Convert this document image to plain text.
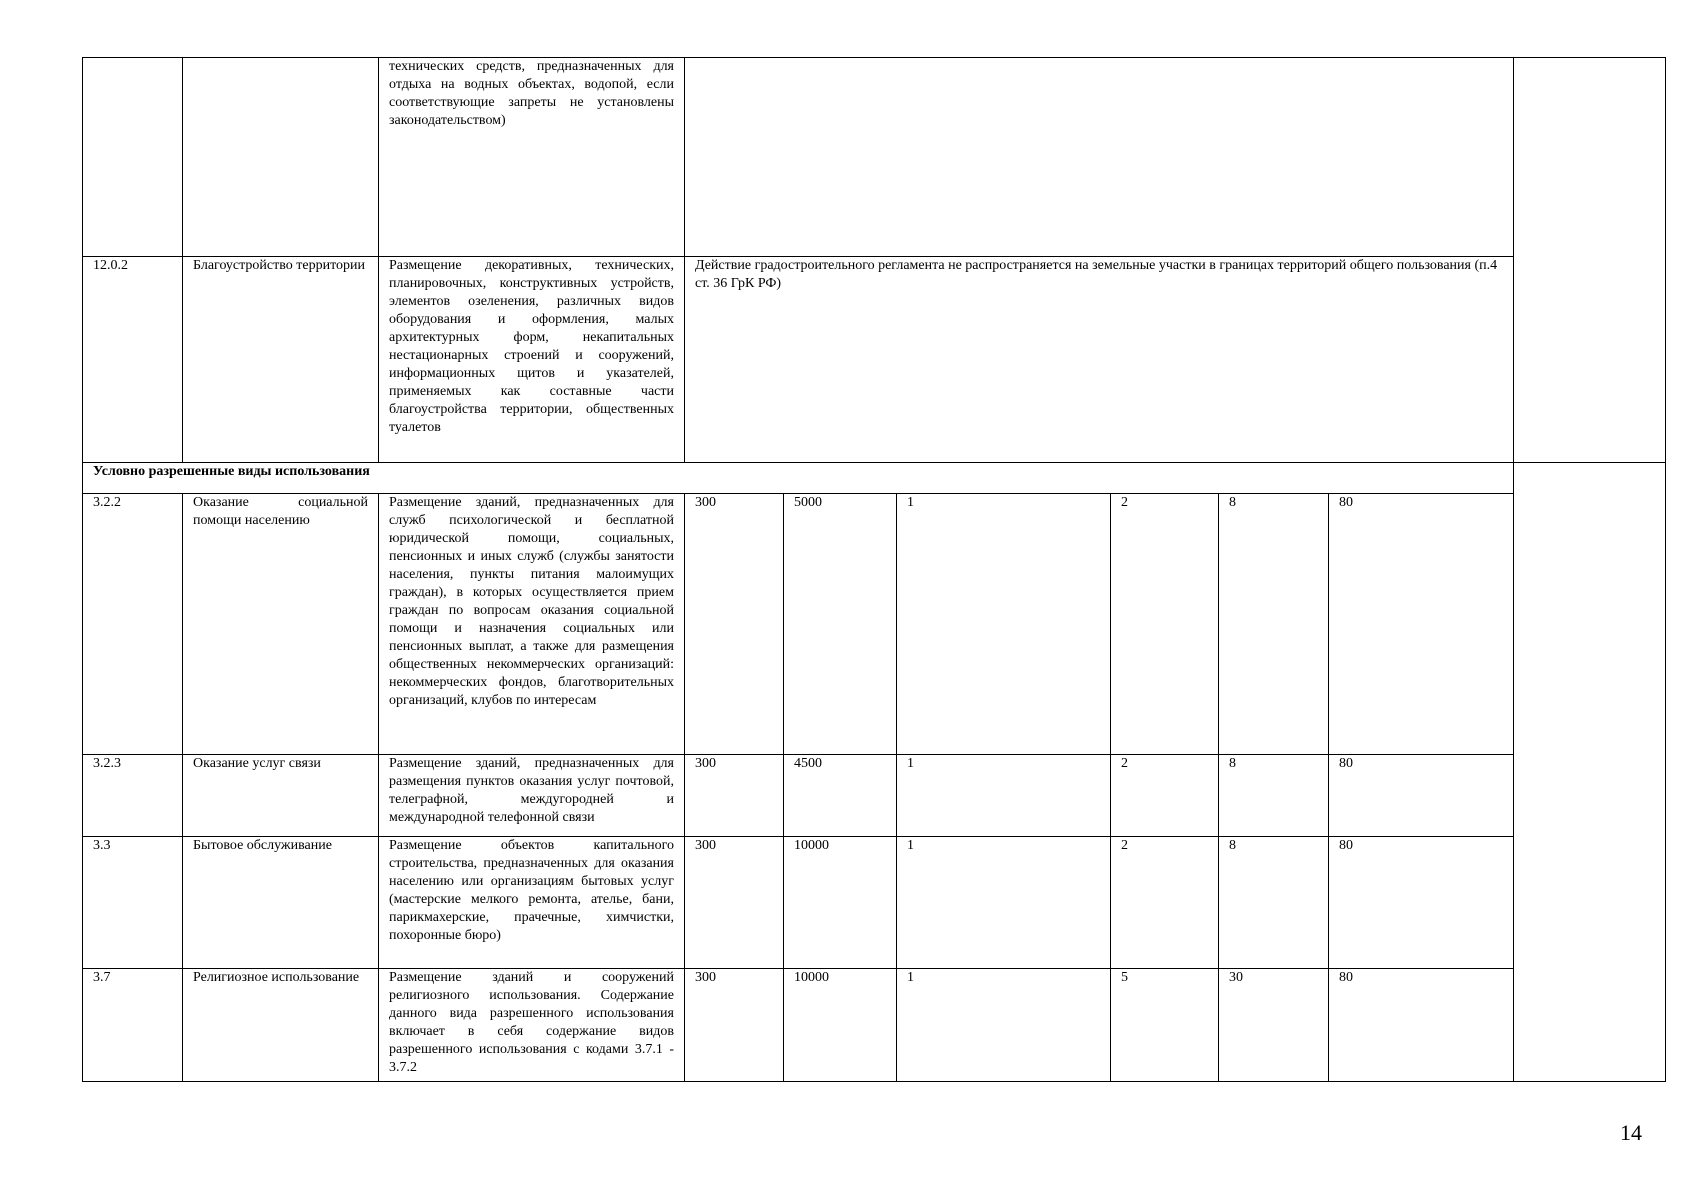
		технических средств, предназначенных для отдыха на водных объектах, водопой, если соответствующие запреты не установлены законодательством)							
12.0.2	Благоустройство территории	Размещение декоративных, технических, планировочных, конструктивных устройств, элементов озеленения, различных видов оборудования и оформления, малых архитектурных форм, некапитальных нестационарных строений и сооружений, информационных щитов и указателей, применяемых как составные части благоустройства территории, общественных туалетов	Действие градостроительного регламента не распространяется на земельные участки в границах территорий общего пользования (п.4 ст. 36 ГрК РФ)						
Условно разрешенные виды использования									
3.2.2	Оказание социальной помощи населению	Размещение зданий, предназначенных для служб психологической и бесплатной юридической помощи, социальных, пенсионных и иных служб (службы занятости населения, пункты питания малоимущих граждан), в которых осуществляется прием граждан по вопросам оказания социальной помощи и назначения социальных или пенсионных выплат, а также для размещения общественных некоммерческих организаций: некоммерческих фондов, благотворительных организаций, клубов по интересам	300	5000	1	2	8	80	
3.2.3	Оказание услуг связи	Размещение зданий, предназначенных для размещения пунктов оказания услуг почтовой, телеграфной, междугородней и международной телефонной связи	300	4500	1	2	8	80	
3.3	Бытовое обслуживание	Размещение объектов капитального строительства, предназначенных для оказания населению или организациям бытовых услуг (мастерские мелкого ремонта, ателье, бани, парикмахерские, прачечные, химчистки, похоронные бюро)	300	10000	1	2	8	80	
3.7	Религиозное использование	Размещение зданий и сооружений религиозного использования. Содержание данного вида разрешенного использования включает в себя содержание видов разрешенного использования с кодами 3.7.1 - 3.7.2	300	10000	1	5	30	80	
14
